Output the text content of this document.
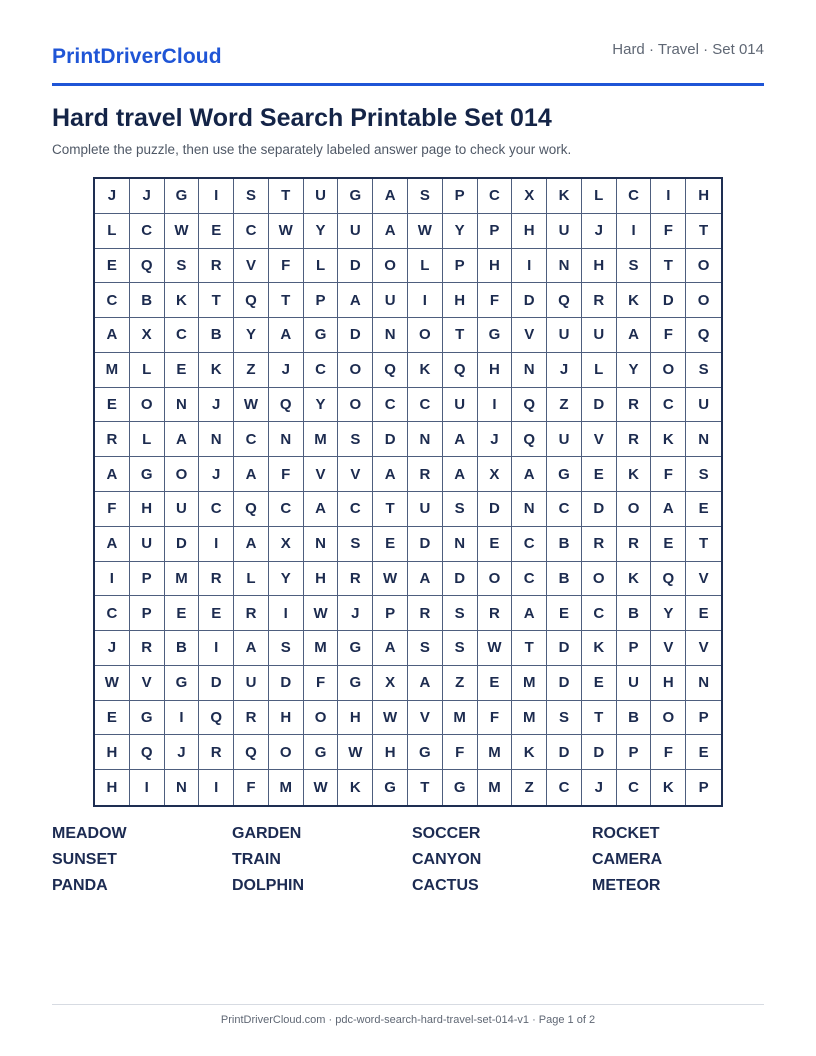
PrintDriverCloud	Hard · Travel · Set 014
Hard travel Word Search Printable Set 014
Complete the puzzle, then use the separately labeled answer page to check your work.
J	J	G	I	S	T	U	G	A	S	P	C	X	K	L	C	I	H
L	C	W	E	C	W	Y	U	A	W	Y	P	H	U	J	I	F	T
E	Q	S	R	V	F	L	D	O	L	P	H	I	N	H	S	T	O
C	B	K	T	Q	T	P	A	U	I	H	F	D	Q	R	K	D	O
A	X	C	B	Y	A	G	D	N	O	T	G	V	U	U	A	F	Q
M	L	E	K	Z	J	C	O	Q	K	Q	H	N	J	L	Y	O	S
E	O	N	J	W	Q	Y	O	C	C	U	I	Q	Z	D	R	C	U
R	L	A	N	C	N	M	S	D	N	A	J	Q	U	V	R	K	N
A	G	O	J	A	F	V	V	A	R	A	X	A	G	E	K	F	S
F	H	U	C	Q	C	A	C	T	U	S	D	N	C	D	O	A	E
A	U	D	I	A	X	N	S	E	D	N	E	C	B	R	R	E	T
I	P	M	R	L	Y	H	R	W	A	D	O	C	B	O	K	Q	V
C	P	E	E	R	I	W	J	P	R	S	R	A	E	C	B	Y	E
J	R	B	I	A	S	M	G	A	S	S	W	T	D	K	P	V	V
W	V	G	D	U	D	F	G	X	A	Z	E	M	D	E	U	H	N
E	G	I	Q	R	H	O	H	W	V	M	F	M	S	T	B	O	P
H	Q	J	R	Q	O	G	W	H	G	F	M	K	D	D	P	F	E
H	I	N	I	F	M	W	K	G	T	G	M	Z	C	J	C	K	P
MEADOW	GARDEN	SOCCER	ROCKET
SUNSET	TRAIN	CANYON	CAMERA
PANDA	DOLPHIN	CACTUS	METEOR
PrintDriverCloud.com · pdc-word-search-hard-travel-set-014-v1 · Page 1 of 2
